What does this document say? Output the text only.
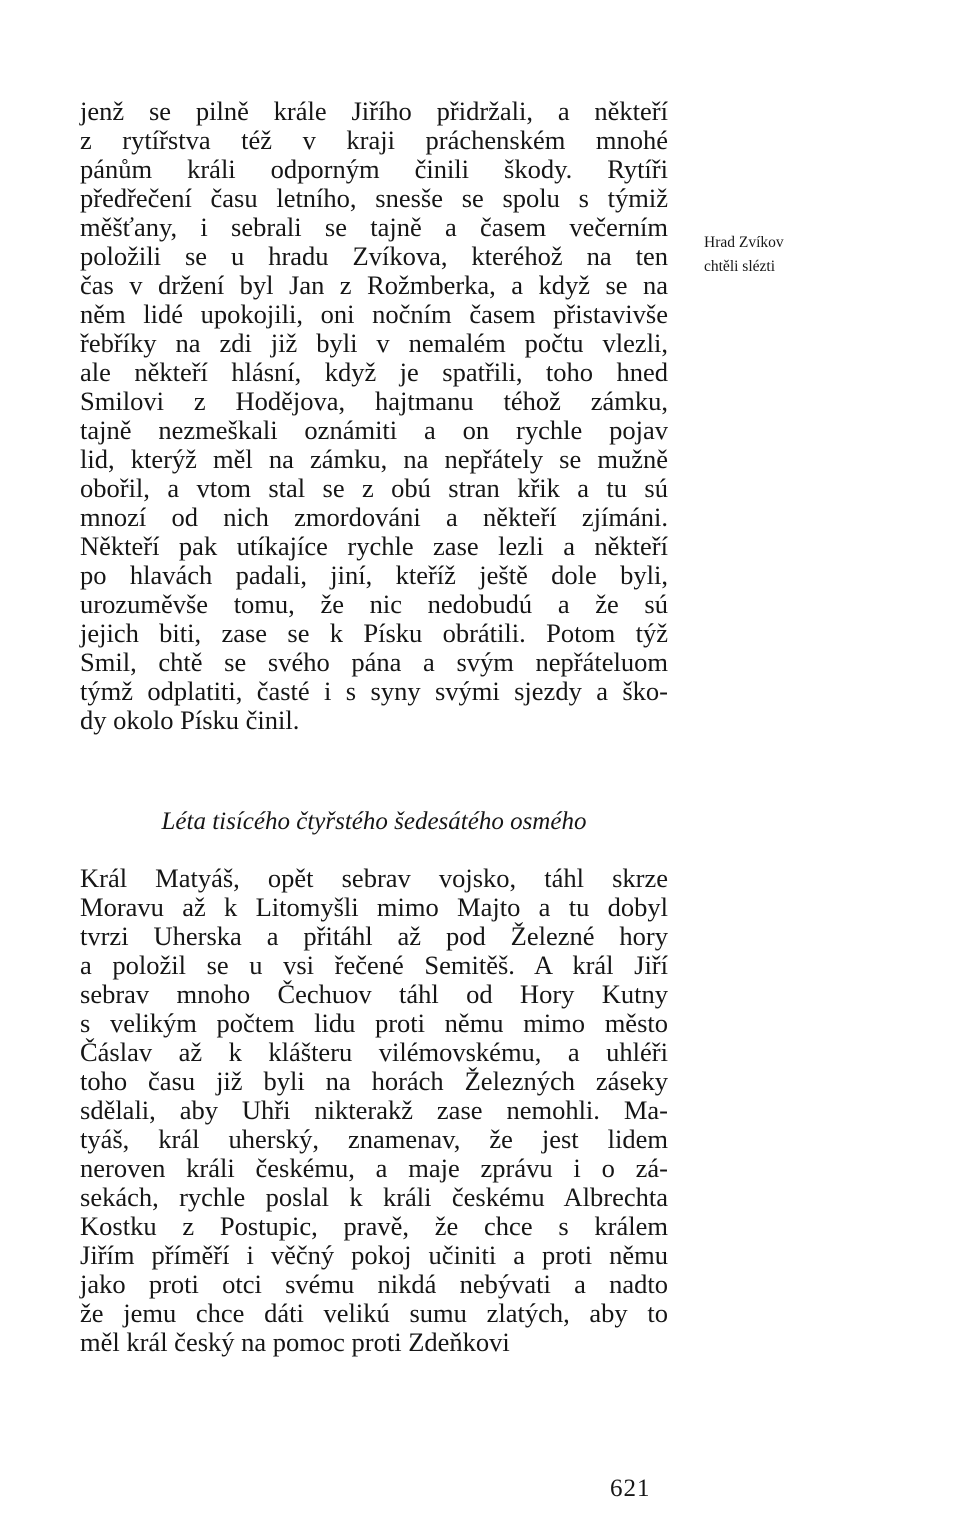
jenž se pilně krále Jiřího přidržali, a někteří
z rytířstva též v kraji práchenském mnohé
pánům králi odporným činili škody. Rytíři
předřečení času letního, snesše se spolu s týmiž
měšťany, i sebrali se tajně a časem večerním
položili se u hradu Zvíkova, kteréhož na ten
čas v držení byl Jan z Rožmberka, a když se na
něm lidé upokojili, oni nočním časem přistavivše
řebříky na zdi již byli v nemalém počtu vlezli,
ale někteří hlásní, když je spatřili, toho hned
Smilovi z Hodějova, hajtmanu téhož zámku,
tajně nezmeškali oznámiti a on rychle pojav
lid, kterýž měl na zámku, na nepřátely se mužně
obořil, a vtom stal se z obú stran křik a tu sú
mnozí od nich zmordováni a někteří zjímáni.
Někteří pak utíkajíce rychle zase lezli a někteří
po hlavách padali, jiní, kteříž ještě dole byli,
urozuměvše tomu, že nic nedobudú a že sú
jejich biti, zase se k Písku obrátili. Potom týž
Smil, chtě se svého pána a svým nepřáteluom
týmž odplatiti, časté i s syny svými sjezdy a ško-
dy okolo Písku činil.
Hrad Zvíkov
chtěli slézti
Léta tisícého čtyřstého šedesátého osmého
Král Matyáš, opět sebrav vojsko, táhl skrze
Moravu až k Litomyšli mimo Majto a tu dobyl
tvrzi Uherska a přitáhl až pod Železné hory
a položil se u vsi řečené Semitěš. A král Jiří
sebrav mnoho Čechuov táhl od Hory Kutny
s velikým počtem lidu proti němu mimo město
Čáslav až k klášteru vilémovskému, a uhléři
toho času již byli na horách Železných záseky
sdělali, aby Uhři nikterakž zase nemohli. Ma-
tyáš, král uherský, znamenav, že jest lidem
neroven králi českému, a maje zprávu i o zá-
sekách, rychle poslal k králi českému Albrechta
Kostku z Postupic, pravě, že chce s králem
Jiřím příměří i věčný pokoj učiniti a proti němu
jako proti otci svému nikdá nebývati a nadto
že jemu chce dáti velikú sumu zlatých, aby to
měl král český na pomoc proti Zdeňkovi
621
